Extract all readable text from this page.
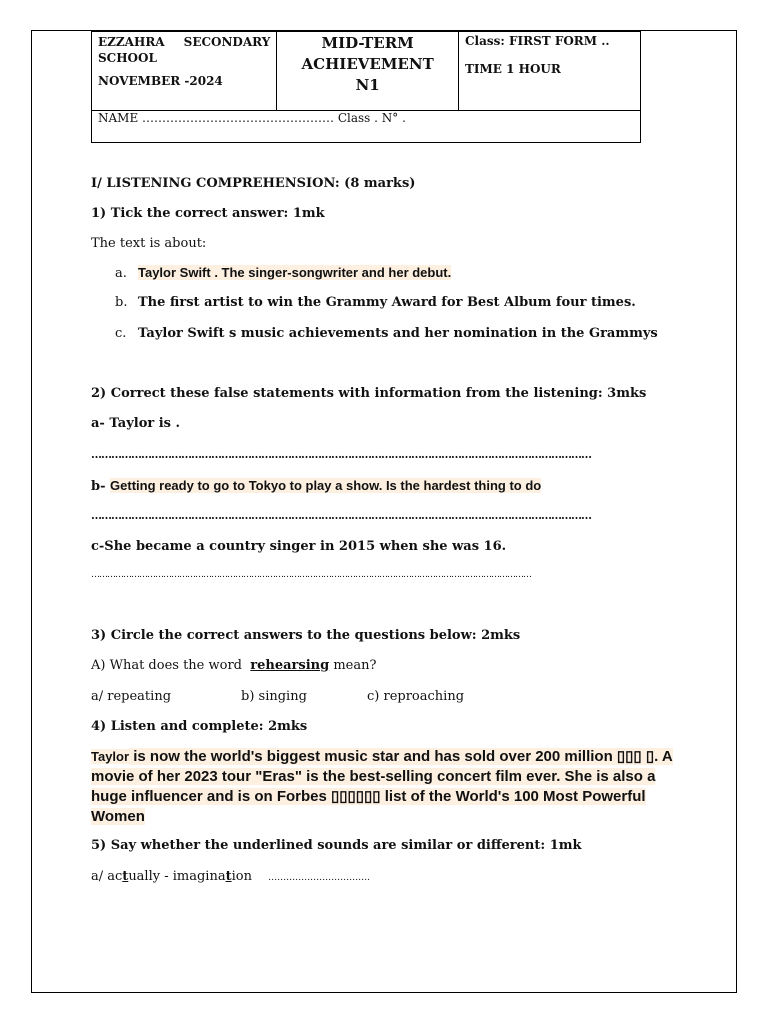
EZZAHRA SECONDARY
SCHOOL
NOVEMBER -2024

MID-TERM
ACHIEVEMENT
N1

Class: FIRST FORM ..
TIME 1 HOUR

NAME ………………………………………… Class . N° .
I/ LISTENING COMPREHENSION: (8 marks)
1) Tick the correct answer: 1mk
The text is about:
a. Taylor Swift . The singer-songwriter and her debut.
b. The first artist to win the Grammy Award for Best Album four times.
c. Taylor Swift s music achievements and her nomination in the Grammys
2) Correct these false statements with information from the listening: 3mks
a- Taylor is .
……………………………………………………………………………………………………………………………………
b- Getting ready to go to Tokyo to play a show. Is the hardest thing to do
……………………………………………………………………………………………………………………………………
c-She became a country singer in 2015 when she was 16.
…………………………………………………………………………………………………………………………………………………
3) Circle the correct answers to the questions below: 2mks
A) What does the word rehearsing mean?
a/ repeating	b) singing	c) reproaching
4) Listen and complete: 2mks
Taylor is now the world's biggest music star and has sold over 200 million ▯▯▯ ▯. A movie of her 2023 tour "Eras" is the best-selling concert film ever. She is also a huge influencer and is on Forbes ▯▯▯▯▯▯ list of the World's 100 Most Powerful Women
5) Say whether the underlined sounds are similar or different: 1mk
a/ actually - imagination …………………………….
